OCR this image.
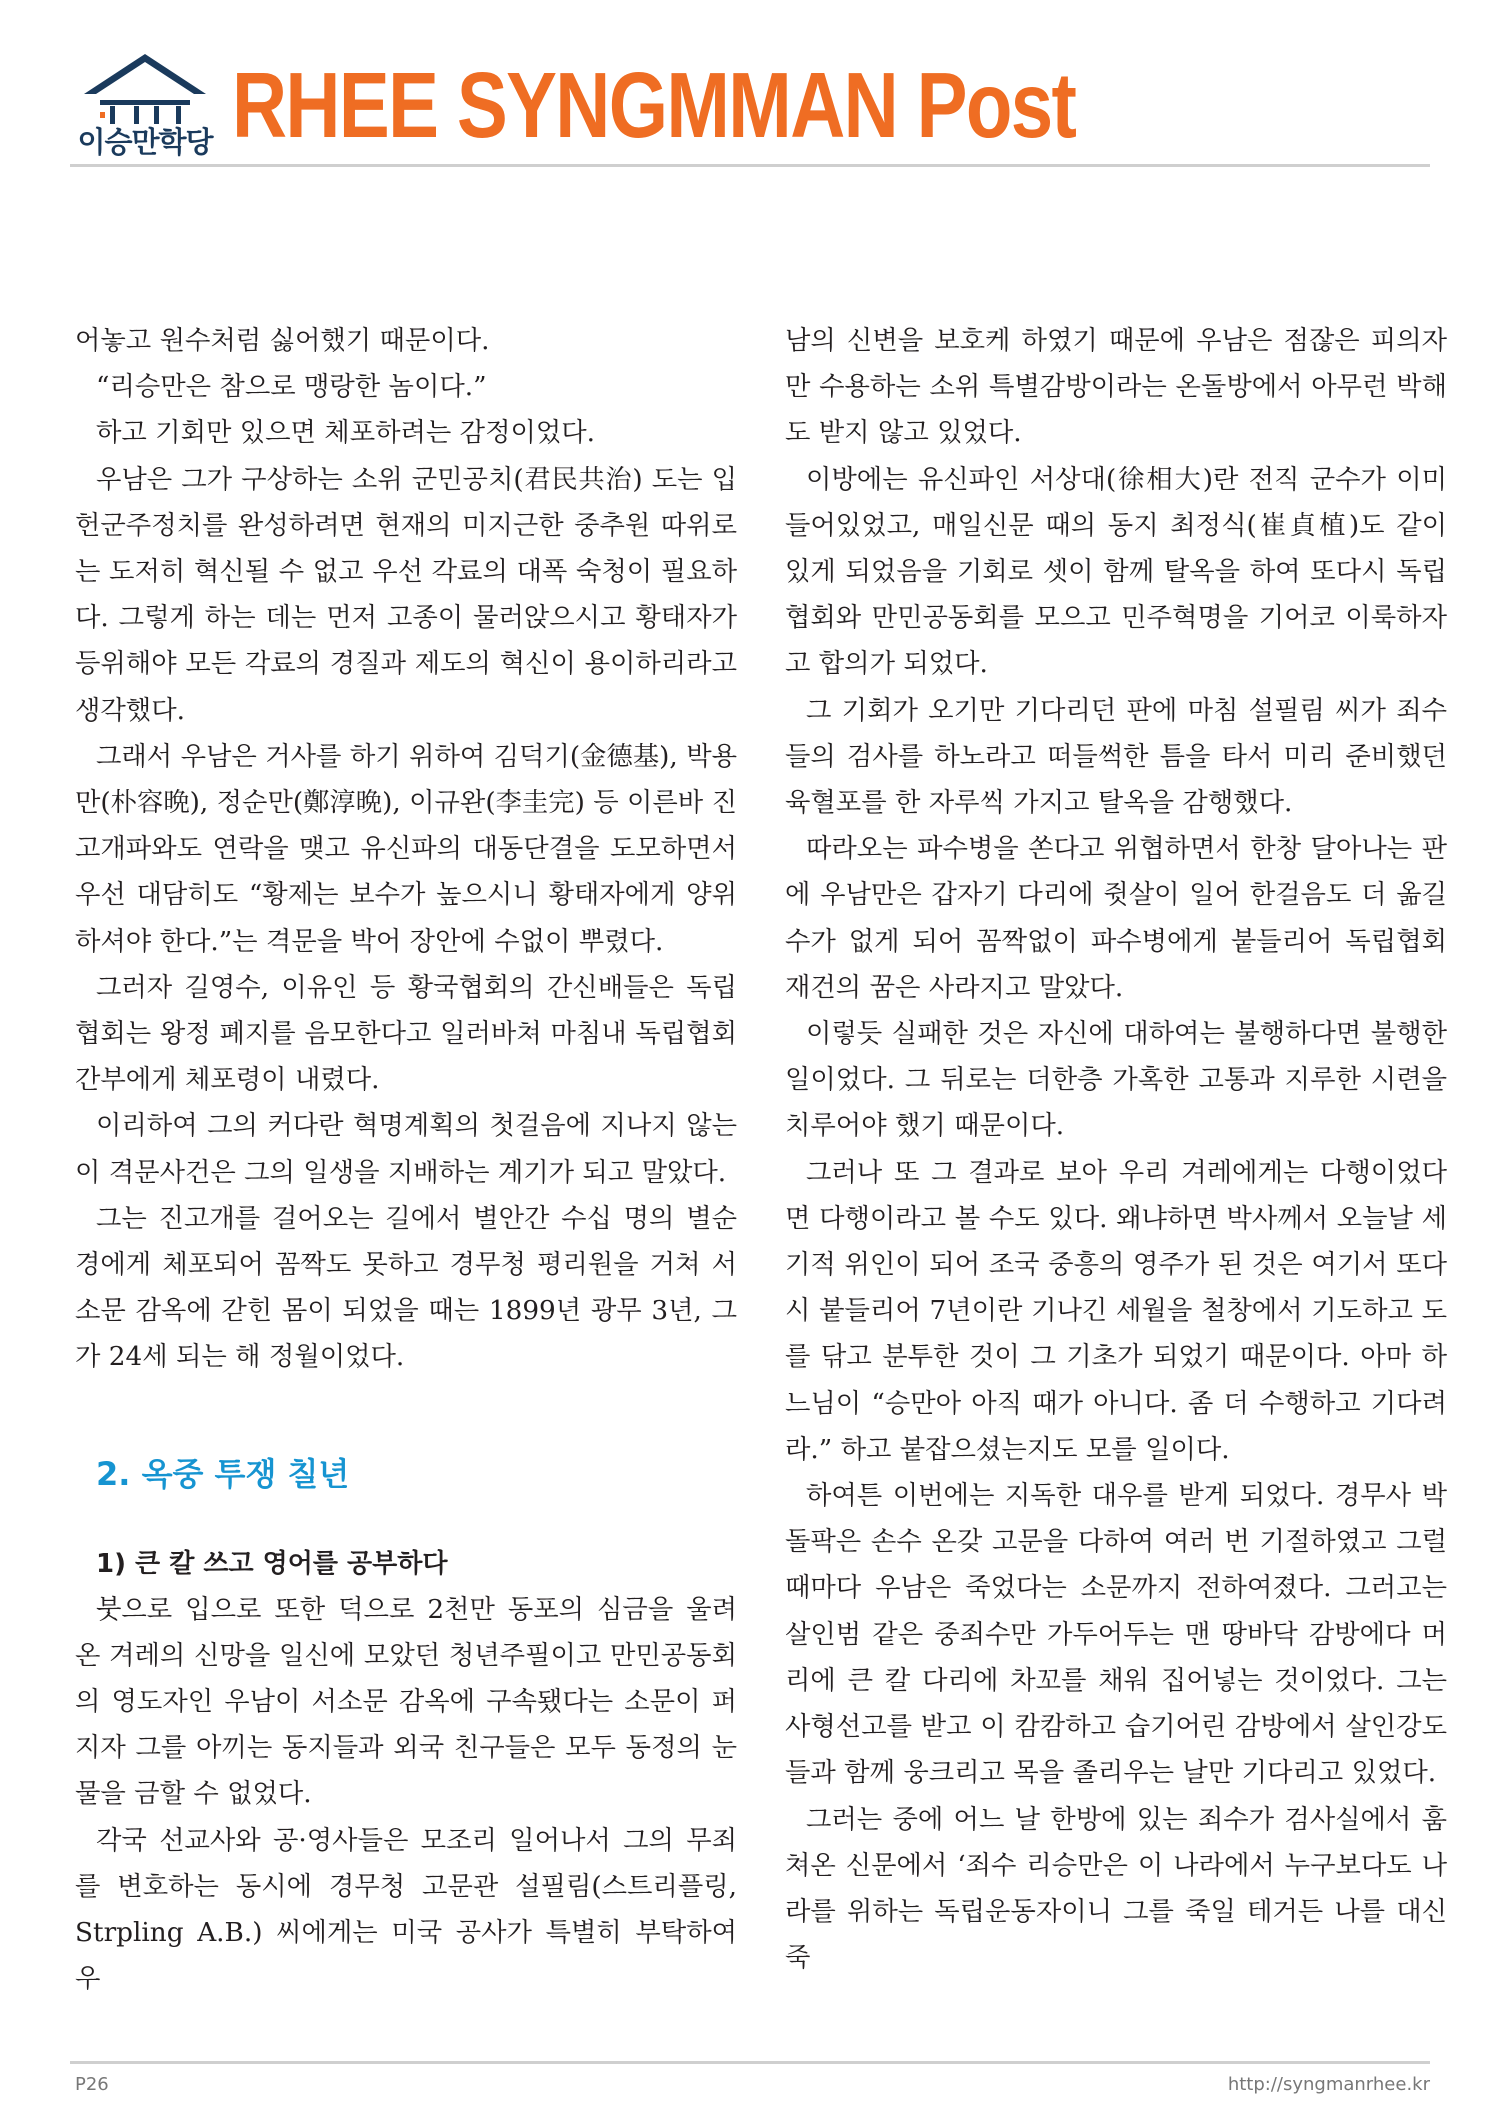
이승만학당 RHEE SYNGMMAN Post

어놓고 원수처럼 싫어했기 때문이다.

“리승만은 참으로 맹랑한 놈이다.”

하고 기회만 있으면 체포하려는 감정이었다.

우남은 그가 구상하는 소위 군민공치(君民共治) 도는 입헌군주정치를 완성하려면 현재의 미지근한 중추원 따위로는 도저히 혁신될 수 없고 우선 각료의 대폭 숙청이 필요하다. 그렇게 하는 데는 먼저 고종이 물러앉으시고 황태자가 등위해야 모든 각료의 경질과 제도의 혁신이 용이하리라고 생각했다.

그래서 우남은 거사를 하기 위하여 김덕기(金德基), 박용만(朴容晩), 정순만(鄭淳晩), 이규완(李圭完) 등 이른바 진고개파와도 연락을 맺고 유신파의 대동단결을 도모하면서 우선 대담히도 “황제는 보수가 높으시니 황태자에게 양위하셔야 한다.”는 격문을 박어 장안에 수없이 뿌렸다.

그러자 길영수, 이유인 등 황국협회의 간신배들은 독립협회는 왕정 폐지를 음모한다고 일러바쳐 마침내 독립협회 간부에게 체포령이 내렸다.

이리하여 그의 커다란 혁명계획의 첫걸음에 지나지 않는 이 격문사건은 그의 일생을 지배하는 계기가 되고 말았다.

그는 진고개를 걸어오는 길에서 별안간 수십 명의 별순경에게 체포되어 꼼짝도 못하고 경무청 평리원을 거쳐 서소문 감옥에 갇힌 몸이 되었을 때는 1899년 광무 3년, 그가 24세 되는 해 정월이었다.

2. 옥중 투쟁 칠년
1) 큰 칼 쓰고 영어를 공부하다

붓으로 입으로 또한 덕으로 2천만 동포의 심금을 울려 온 겨레의 신망을 일신에 모았던 청년주필이고 만민공동회의 영도자인 우남이 서소문 감옥에 구속됐다는 소문이 퍼지자 그를 아끼는 동지들과 외국 친구들은 모두 동정의 눈물을 금할 수 없었다.

각국 선교사와 공·영사들은 모조리 일어나서 그의 무죄를 변호하는 동시에 경무청 고문관 설필림(스트리플링, Strpling A.B.) 씨에게는 미국 공사가 특별히 부탁하여 우

남의 신변을 보호케 하였기 때문에 우남은 점잖은 피의자만 수용하는 소위 특별감방이라는 온돌방에서 아무런 박해도 받지 않고 있었다.

이방에는 유신파인 서상대(徐相大)란 전직 군수가 이미 들어있었고, 매일신문 때의 동지 최정식(崔貞植)도 같이 있게 되었음을 기회로 셋이 함께 탈옥을 하여 또다시 독립협회와 만민공동회를 모으고 민주혁명을 기어코 이룩하자고 합의가 되었다.

그 기회가 오기만 기다리던 판에 마침 설필림 씨가 죄수들의 검사를 하노라고 떠들썩한 틈을 타서 미리 준비했던 육혈포를 한 자루씩 가지고 탈옥을 감행했다.

따라오는 파수병을 쏜다고 위협하면서 한창 달아나는 판에 우남만은 갑자기 다리에 쥣살이 일어 한걸음도 더 옮길 수가 없게 되어 꼼짝없이 파수병에게 붙들리어 독립협회 재건의 꿈은 사라지고 말았다.

이렇듯 실패한 것은 자신에 대하여는 불행하다면 불행한 일이었다. 그 뒤로는 더한층 가혹한 고통과 지루한 시련을 치루어야 했기 때문이다.

그러나 또 그 결과로 보아 우리 겨레에게는 다행이었다면 다행이라고 볼 수도 있다. 왜냐하면 박사께서 오늘날 세기적 위인이 되어 조국 중흥의 영주가 된 것은 여기서 또다시 붙들리어 7년이란 기나긴 세월을 철창에서 기도하고 도를 닦고 분투한 것이 그 기초가 되었기 때문이다. 아마 하느님이 “승만아 아직 때가 아니다. 좀 더 수행하고 기다려라.” 하고 붙잡으셨는지도 모를 일이다.

하여튼 이번에는 지독한 대우를 받게 되었다. 경무사 박돌팍은 손수 온갖 고문을 다하여 여러 번 기절하였고 그럴 때마다 우남은 죽었다는 소문까지 전하여졌다. 그러고는 살인범 같은 중죄수만 가두어두는 맨 땅바닥 감방에다 머리에 큰 칼 다리에 차꼬를 채워 집어넣는 것이었다. 그는 사형선고를 받고 이 캄캄하고 습기어린 감방에서 살인강도들과 함께 웅크리고 목을 졸리우는 날만 기다리고 있었다.

그러는 중에 어느 날 한방에 있는 죄수가 검사실에서 훔쳐온 신문에서 ‘죄수 리승만은 이 나라에서 누구보다도 나라를 위하는 독립운동자이니 그를 죽일 테거든 나를 대신 죽

P26	http://syngmanrhee.kr
